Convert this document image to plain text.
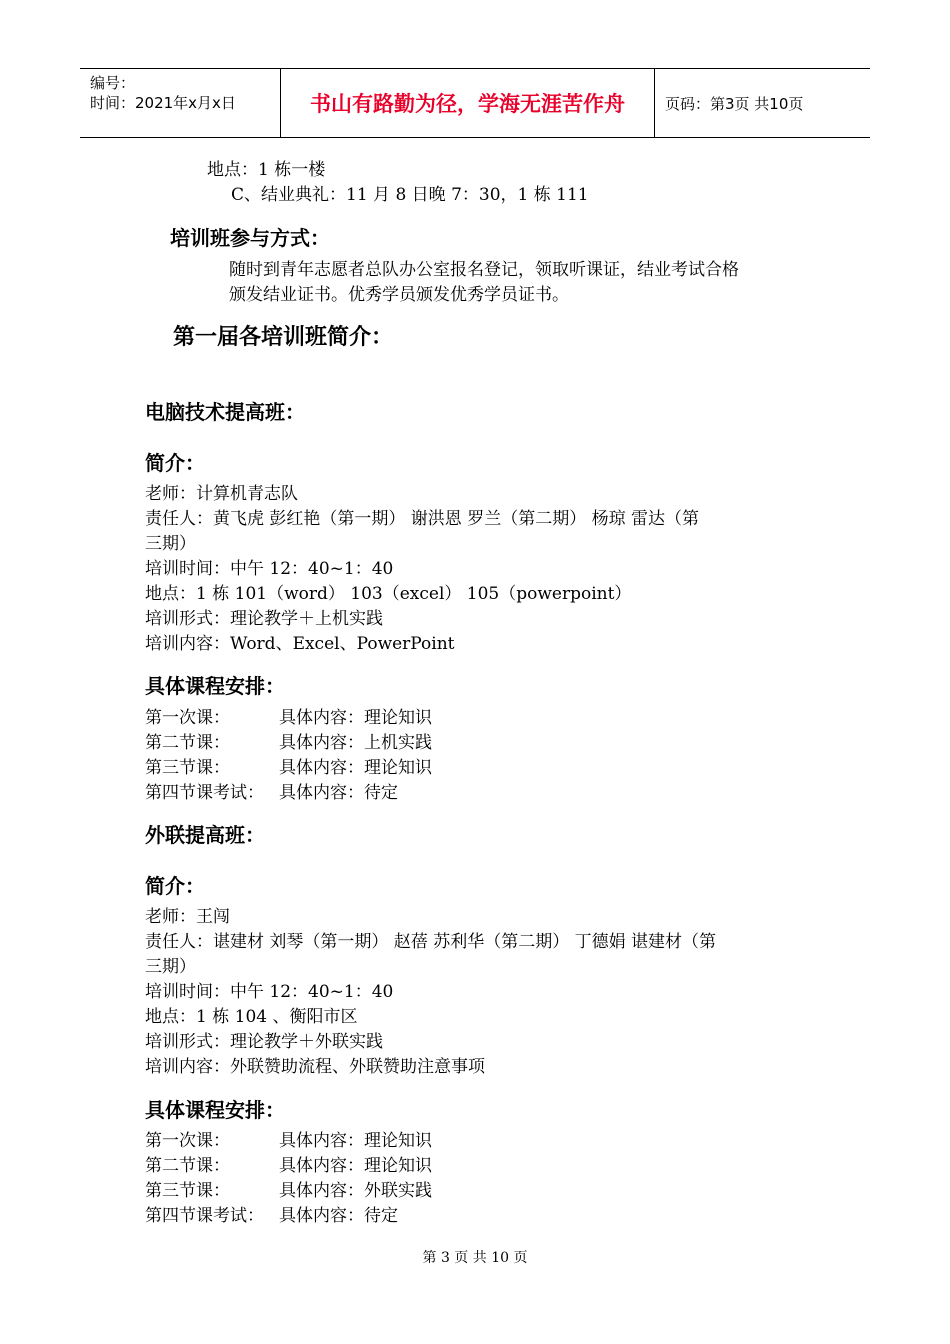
编号：
时间：2021年x月x日	书山有路勤为径，学海无涯苦作舟	页码：第3页 共10页
地点：1 栋一楼
C、结业典礼：11 月 8 日晚 7：30，1 栋 111
培训班参与方式：
随时到青年志愿者总队办公室报名登记，领取听课证，结业考试合格
颁发结业证书。优秀学员颁发优秀学员证书。
第一届各培训班简介：
电脑技术提高班：
简介：
老师：计算机青志队
责任人：黄飞虎 彭红艳（第一期） 谢洪恩 罗兰（第二期） 杨琼 雷达（第
三期）
培训时间：中午 12：40~1：40
地点：1 栋 101（word） 103（excel） 105（powerpoint）
培训形式：理论教学＋上机实践
培训内容：Word、Excel、PowerPoint
具体课程安排：
第一次课：	具体内容：理论知识
第二节课：	具体内容：上机实践
第三节课：	具体内容：理论知识
第四节课考试： 具体内容：待定
外联提高班：
简介：
老师：王闯
责任人：谌建材 刘琴（第一期） 赵蓓 苏利华（第二期） 丁德娟 谌建材（第
三期）
培训时间：中午 12：40~1：40
地点：1 栋 104 、衡阳市区
培训形式：理论教学＋外联实践
培训内容：外联赞助流程、外联赞助注意事项
具体课程安排：
第一次课：	具体内容：理论知识
第二节课：	具体内容：理论知识
第三节课：	具体内容：外联实践
第四节课考试： 具体内容：待定
第 3 页 共 10 页
